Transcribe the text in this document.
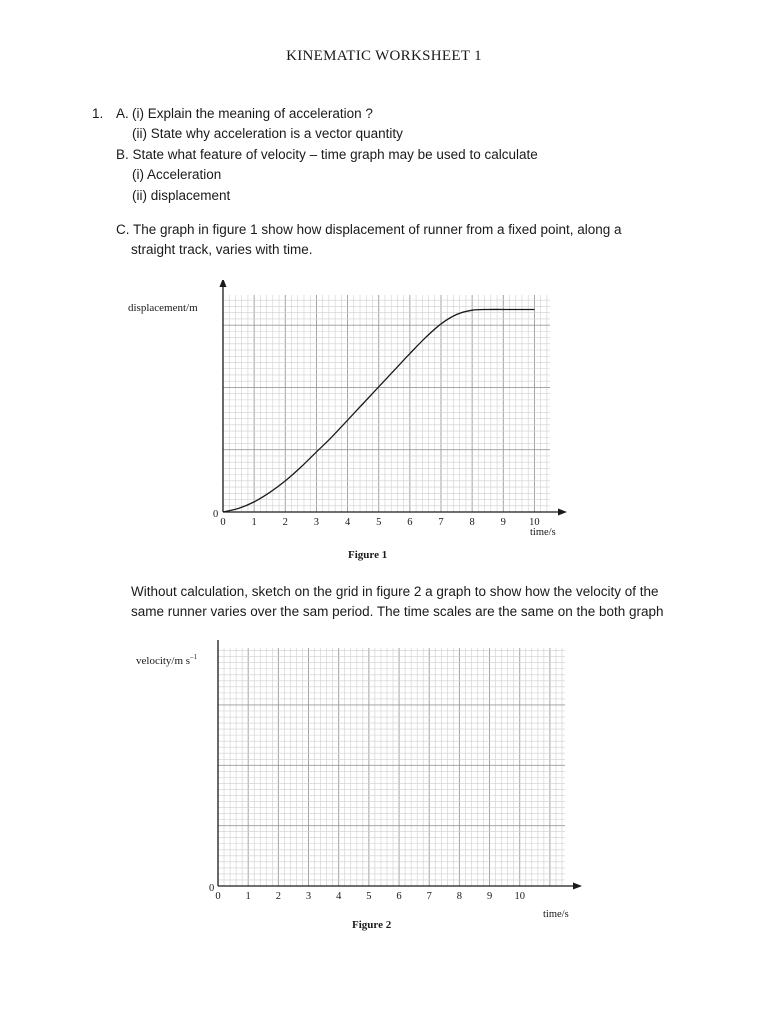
KINEMATIC WORKSHEET 1
1. A. (i) Explain the meaning of acceleration ?
(ii) State why acceleration is a vector quantity
B. State what feature of velocity – time graph may be used to calculate
(i) Acceleration
(ii) displacement
C. The graph in figure 1 show how displacement of runner from a fixed point, along a
straight track, varies with time.
0 1 2 3 4 5 6 7 8 9 10
displacement/m
0
time/s
Figure 1
Without calculation, sketch on the grid in figure 2 a graph to show how the velocity of the
same runner varies over the sam period. The time scales are the same on the both graph
0 1 2 3 4 5 6 7 8 9 10
velocity/m $s^{-1}$
0
time/s
Figure 2
